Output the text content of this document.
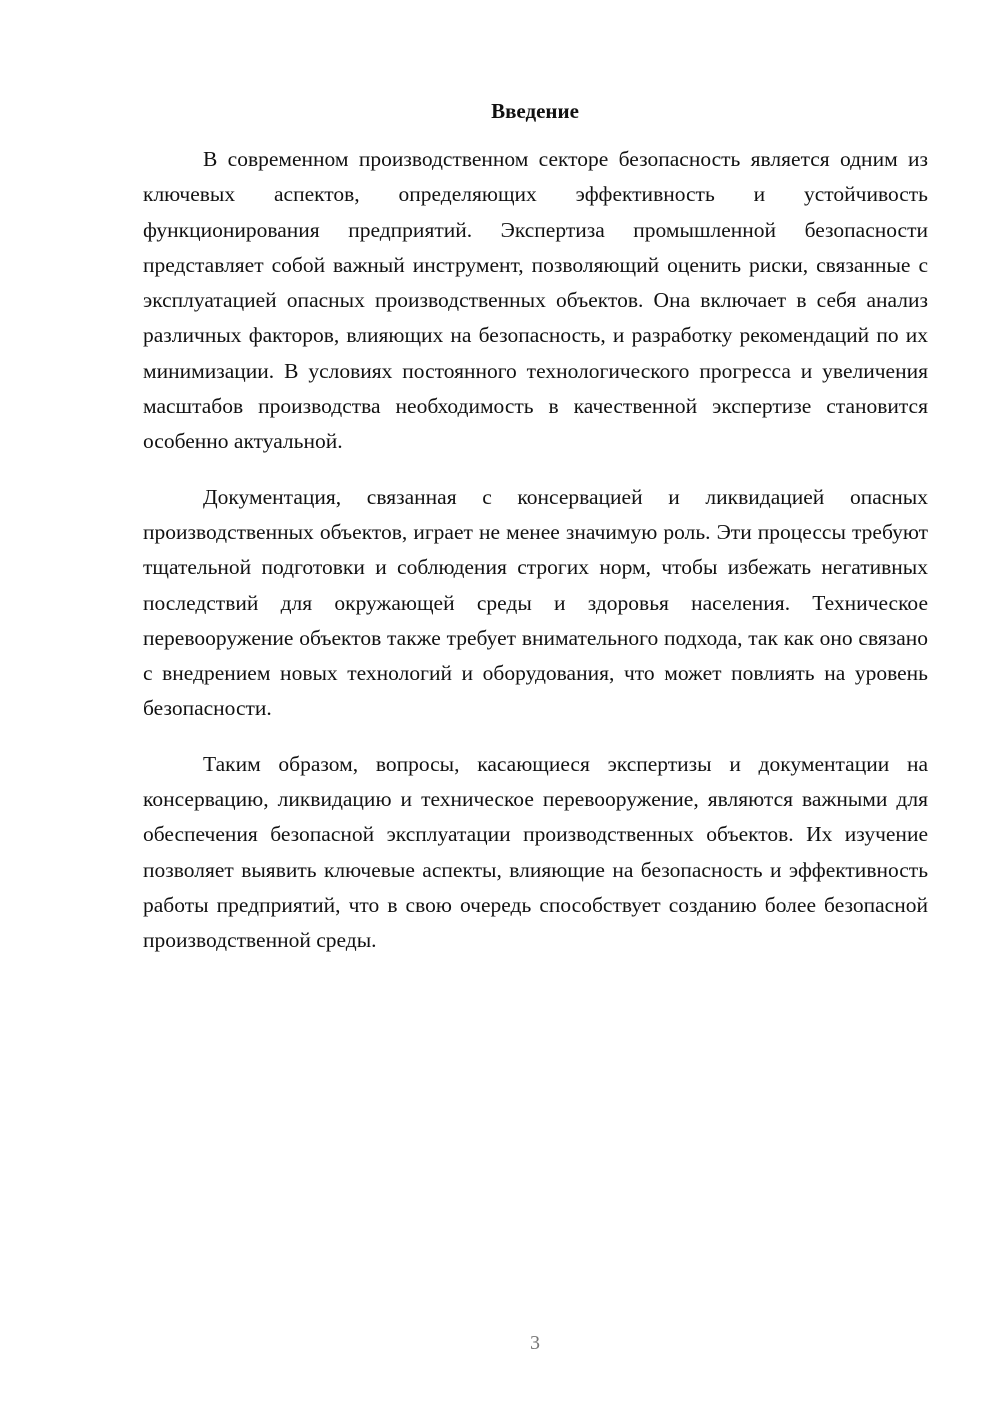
Введение

В современном производственном секторе безопасность является одним из ключевых аспектов, определяющих эффективность и устойчивость функционирования предприятий. Экспертиза промышленной безопасности представляет собой важный инструмент, позволяющий оценить риски, связанные с эксплуатацией опасных производственных объектов. Она включает в себя анализ различных факторов, влияющих на безопасность, и разработку рекомендаций по их минимизации. В условиях постоянного технологического прогресса и увеличения масштабов производства необходимость в качественной экспертизе становится особенно актуальной.

Документация, связанная с консервацией и ликвидацией опасных производственных объектов, играет не менее значимую роль. Эти процессы требуют тщательной подготовки и соблюдения строгих норм, чтобы избежать негативных последствий для окружающей среды и здоровья населения. Техническое перевооружение объектов также требует внимательного подхода, так как оно связано с внедрением новых технологий и оборудования, что может повлиять на уровень безопасности.

Таким образом, вопросы, касающиеся экспертизы и документации на консервацию, ликвидацию и техническое перевооружение, являются важными для обеспечения безопасной эксплуатации производственных объектов. Их изучение позволяет выявить ключевые аспекты, влияющие на безопасность и эффективность работы предприятий, что в свою очередь способствует созданию более безопасной производственной среды.

3
